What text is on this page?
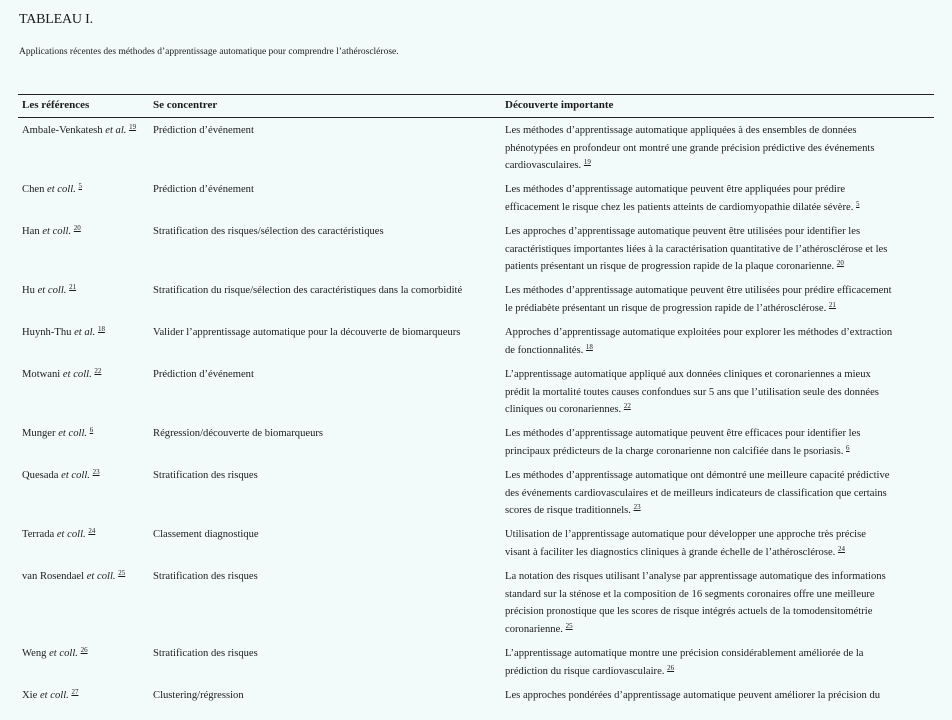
TABLEAU I.
Applications récentes des méthodes d’apprentissage automatique pour comprendre l’athérosclérose.
Les références	Se concentrer	Découverte importante
Ambale-Venkatesh et al. $^{19}$	Prédiction d’événement	Les méthodes d’apprentissage automatique appliquées à des ensembles de données
phénotypées en profondeur ont montré une grande précision prédictive des événements
cardiovasculaires. $^{19}$
Chen et coll. $^5$	Prédiction d’événement	Les méthodes d’apprentissage automatique peuvent être appliquées pour prédire
efficacement le risque chez les patients atteints de cardiomyopathie dilatée sévère. $^5$
Han et coll. $^{20}$	Stratification des risques/sélection des caractéristiques	Les approches d’apprentissage automatique peuvent être utilisées pour identifier les
caractéristiques importantes liées à la caractérisation quantitative de l’athérosclérose et les
patients présentant un risque de progression rapide de la plaque coronarienne. $^{20}$
Hu et coll. $^{21}$	Stratification du risque/sélection des caractéristiques dans la comorbidité	Les méthodes d’apprentissage automatique peuvent être utilisées pour prédire efficacement
le prédiabète présentant un risque de progression rapide de l’athérosclérose. $^{21}$
Huynh-Thu et al. $^{18}$	Valider l’apprentissage automatique pour la découverte de biomarqueurs	Approches d’apprentissage automatique exploitées pour explorer les méthodes d’extraction
de fonctionnalités. $^{18}$
Motwani et coll. $^{22}$	Prédiction d’événement	L’apprentissage automatique appliqué aux données cliniques et coronariennes a mieux
prédit la mortalité toutes causes confondues sur 5 ans que l’utilisation seule des données
cliniques ou coronariennes. $^{22}$
Munger et coll. $^6$	Régression/découverte de biomarqueurs	Les méthodes d’apprentissage automatique peuvent être efficaces pour identifier les
principaux prédicteurs de la charge coronarienne non calcifiée dans le psoriasis. $^6$
Quesada et coll. $^{23}$	Stratification des risques	Les méthodes d’apprentissage automatique ont démontré une meilleure capacité prédictive
des événements cardiovasculaires et de meilleurs indicateurs de classification que certains
scores de risque traditionnels. $^{23}$
Terrada et coll. $^{24}$	Classement diagnostique	Utilisation de l’apprentissage automatique pour développer une approche très précise
visant à faciliter les diagnostics cliniques à grande échelle de l’athérosclérose. $^{24}$
van Rosendael et coll. $^{25}$	Stratification des risques	La notation des risques utilisant l’analyse par apprentissage automatique des informations
standard sur la sténose et la composition de 16 segments coronaires offre une meilleure
précision pronostique que les scores de risque intégrés actuels de la tomodensitométrie
coronarienne. $^{25}$
Weng et coll. $^{26}$	Stratification des risques	L’apprentissage automatique montre une précision considérablement améliorée de la
prédiction du risque cardiovasculaire. $^{26}$
Xie et coll. $^{27}$	Clustering/régression	Les approches pondérées d’apprentissage automatique peuvent améliorer la précision du
